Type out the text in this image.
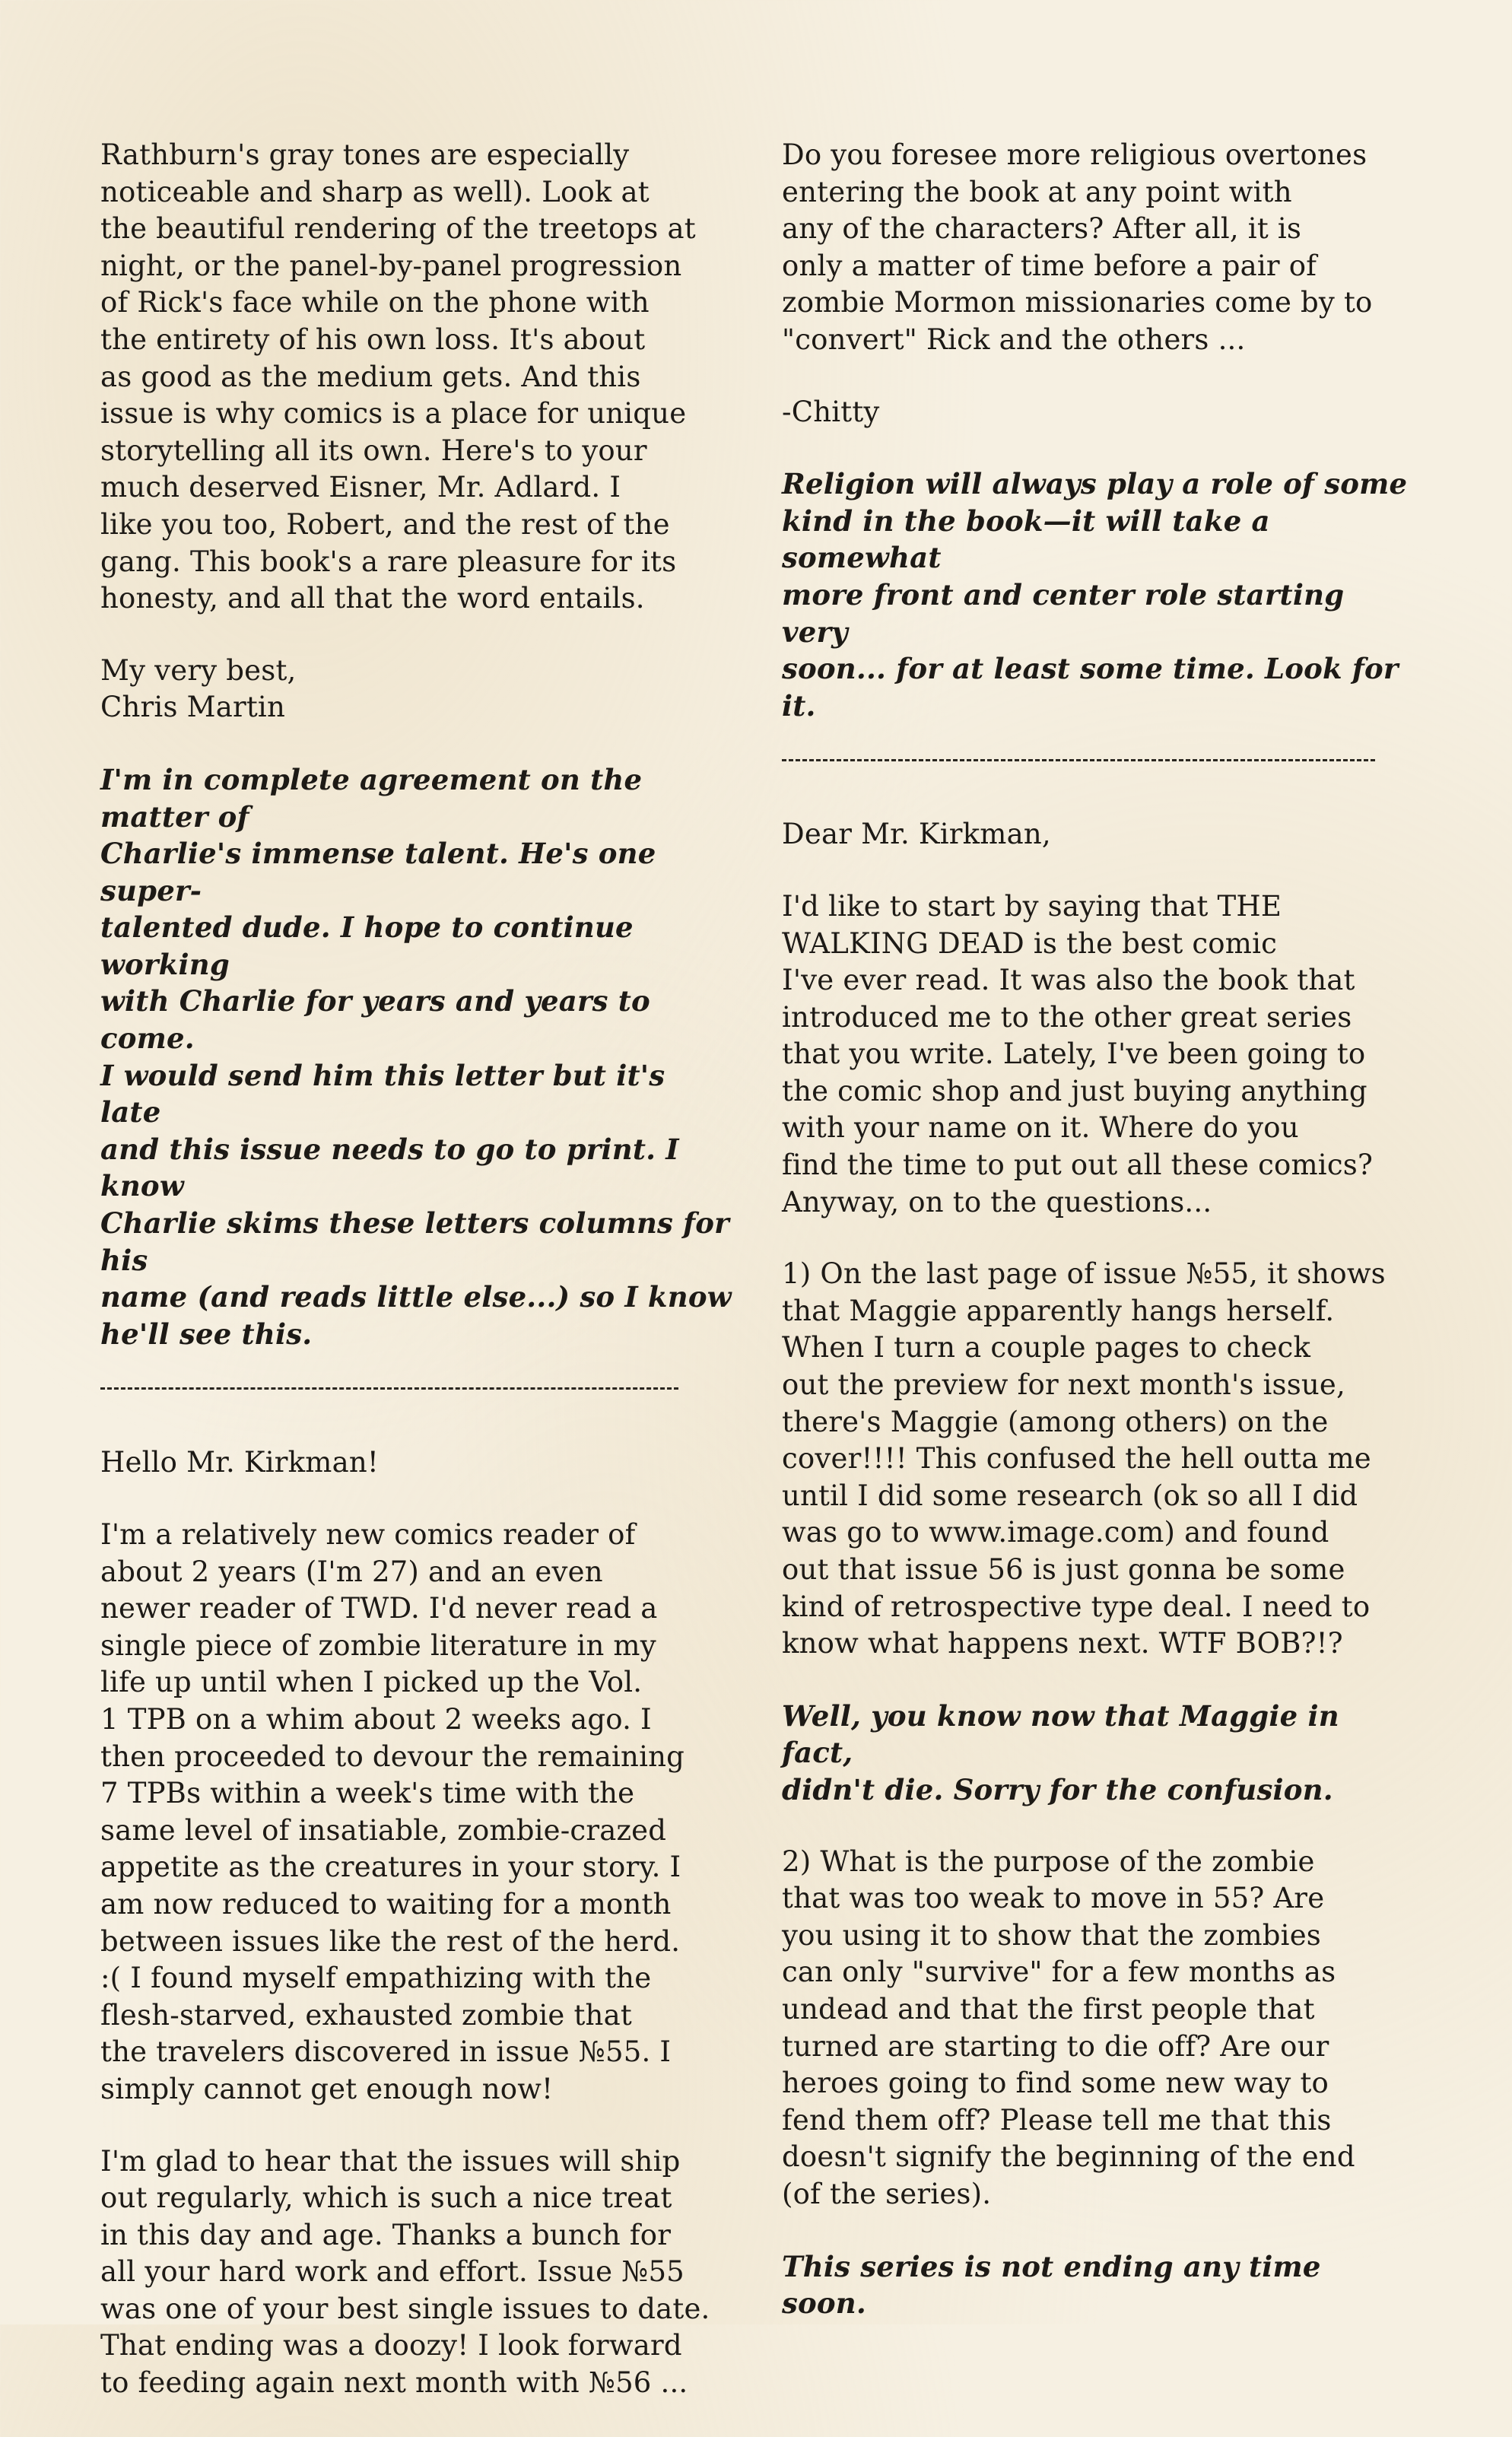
Rathburn's gray tones are especially
noticeable and sharp as well). Look at
the beautiful rendering of the treetops at
night, or the panel-by-panel progression
of Rick's face while on the phone with
the entirety of his own loss. It's about
as good as the medium gets. And this
issue is why comics is a place for unique
storytelling all its own. Here's to your
much deserved Eisner, Mr. Adlard. I
like you too, Robert, and the rest of the
gang. This book's a rare pleasure for its
honesty, and all that the word entails.

My very best,

Chris Martin

I'm in complete agreement on the matter of
Charlie's immense talent. He's one super-
talented dude. I hope to continue working
with Charlie for years and years to come.
I would send him this letter but it's late
and this issue needs to go to print. I know
Charlie skims these letters columns for his
name (and reads little else...) so I know
he'll see this.

Hello Mr. Kirkman!

I'm a relatively new comics reader of
about 2 years (I'm 27) and an even
newer reader of TWD. I'd never read a
single piece of zombie literature in my
life up until when I picked up the Vol.
1 TPB on a whim about 2 weeks ago. I
then proceeded to devour the remaining
7 TPBs within a week's time with the
same level of insatiable, zombie-crazed
appetite as the creatures in your story. I
am now reduced to waiting for a month
between issues like the rest of the herd.
:( I found myself empathizing with the
flesh-starved, exhausted zombie that
the travelers discovered in issue №55. I
simply cannot get enough now!

I'm glad to hear that the issues will ship
out regularly, which is such a nice treat
in this day and age. Thanks a bunch for
all your hard work and effort. Issue №55
was one of your best single issues to date.
That ending was a doozy! I look forward
to feeding again next month with №56 ...

Do you foresee more religious overtones
entering the book at any point with
any of the characters? After all, it is
only a matter of time before a pair of
zombie Mormon missionaries come by to
"convert" Rick and the others ...

-Chitty

Religion will always play a role of some
kind in the book—it will take a somewhat
more front and center role starting very
soon... for at least some time. Look for it.

Dear Mr. Kirkman,

I'd like to start by saying that THE
WALKING DEAD is the best comic
I've ever read. It was also the book that
introduced me to the other great series
that you write. Lately, I've been going to
the comic shop and just buying anything
with your name on it. Where do you
find the time to put out all these comics?
Anyway, on to the questions...

1) On the last page of issue №55, it shows
that Maggie apparently hangs herself.
When I turn a couple pages to check
out the preview for next month's issue,
there's Maggie (among others) on the
cover!!!! This confused the hell outta me
until I did some research (ok so all I did
was go to www.image.com) and found
out that issue 56 is just gonna be some
kind of retrospective type deal. I need to
know what happens next. WTF BOB?!?

Well, you know now that Maggie in fact,
didn't die. Sorry for the confusion.

2) What is the purpose of the zombie
that was too weak to move in 55? Are
you using it to show that the zombies
can only "survive" for a few months as
undead and that the first people that
turned are starting to die off? Are our
heroes going to find some new way to
fend them off? Please tell me that this
doesn't signify the beginning of the end
(of the series).

This series is not ending any time soon.
